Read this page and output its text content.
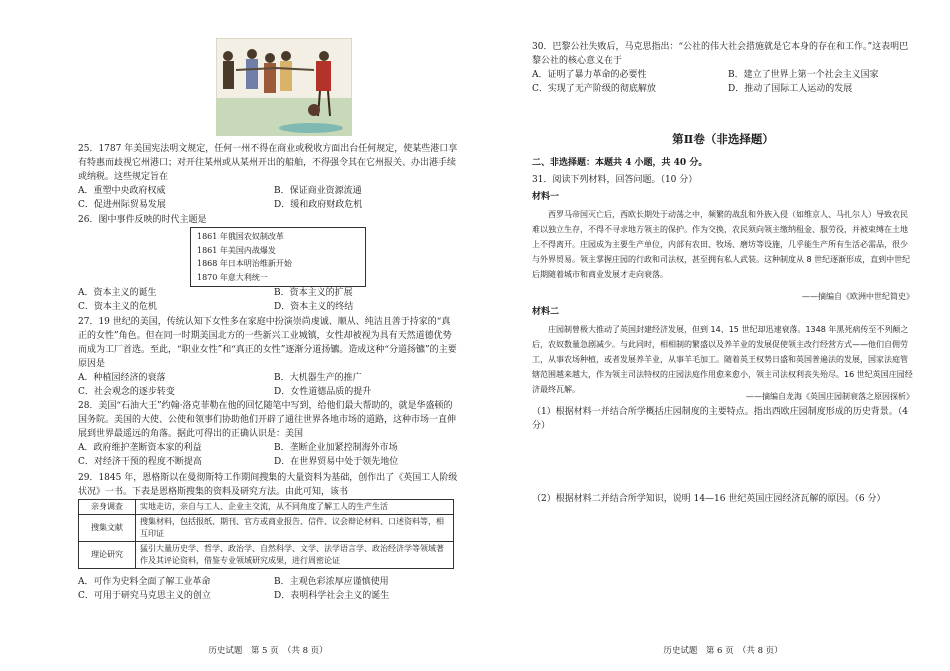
25．1787 年美国宪法明文规定，任何一州不得在商业或税收方面出台任何规定，使某些港口享有特惠而歧视它州港口；对开往某州或从某州开出的船舶，不得强令其在它州报关、办出港手续或纳税。这些规定旨在
A．重塑中央政府权威	B．保证商业资源流通
C．促进州际贸易发展	D．缓和政府财政危机
26．图中事件反映的时代主题是
1861 年俄国农奴制改革
1861 年美国内战爆发
1868 年日本明治维新开始
1870 年意大利统一
A．资本主义的诞生	B．资本主义的扩展
C．资本主义的危机	D．资本主义的终结
27．19 世纪的美国，传统认知下女性多在家庭中扮演崇尚虔诚、顺从、纯洁且善于持家的“真正的女性”角色。但在同一时期美国北方的一些新兴工业城镇，女性却被视为具有天然道德优势而成为工厂首选。至此，“职业女性”和“真正的女性”逐渐分道扬镳。造成这种“分道扬镳”的主要原因是
A．种植园经济的衰落	B．大机器生产的推广
C．社会观念的逐步转变	D．女性道德品质的提升
28．美国“石油大王”约翰·洛克菲勒在他的回忆随笔中写到，给他们最大帮助的，就是华盛顿的国务院。美国的大使、公使和领事们协助他们开辟了通往世界各地市场的道路，这种市场一直伸展到世界最遥远的角落。据此可得出的正确认识是：美国
A．政府维护垄断资本家的利益	B．垄断企业加紧控制海外市场
C．对经济干预的程度不断提高	D．在世界贸易中处于领先地位
29．1845 年，恩格斯以在曼彻斯特工作期间搜集的大量资料为基础，创作出了《英国工人阶级状况》一书。下表是恩格斯搜集的资料及研究方法。由此可知，该书
亲身调查	实地走访，亲自与工人、企业主交流，从不同角度了解工人的生产生活
搜集文献	搜集材料，包括报纸、期刊、官方或商业报告、信件、议会辩论材料、口述资料等，相互印证
理论研究	猛引大量历史学、哲学、政治学、自然科学、文学、法学语言学、政治经济学等领域著作及其评论资料，借鉴专业领域研究成果，进行周密论证
A．可作为史料全面了解工业革命	B．主观色彩浓厚应谨慎使用
C．可用于研究马克思主义的创立	D．表明科学社会主义的诞生
历史试题　第 5 页　（共 8 页）
30．巴黎公社失败后，马克思指出：“公社的伟大社会措施就是它本身的存在和工作。”这表明巴黎公社的核心意义在于
A．证明了暴力革命的必要性	B．建立了世界上第一个社会主义国家
C．实现了无产阶级的彻底解放	D．推动了国际工人运动的发展
第Ⅱ卷（非选择题）
二、非选择题：本题共 4 小题，共 40 分。
31．阅读下列材料，回答问题。（10 分）
材料一
西罗马帝国灭亡后，西欧长期处于动荡之中，频繁的战乱和外族入侵（如维京人、马扎尔人）导致农民难以独立生存，不得不寻求地方领主的保护。作为交换，农民须向领主缴纳租金、服劳役，并被束缚在土地上不得离开。庄园成为主要生产单位，内部有农田、牧场、磨坊等设施，几乎能生产所有生活必需品，很少与外界贸易。领主掌握庄园的行政和司法权，甚至拥有私人武装。这种制度从 8 世纪逐渐形成，直到中世纪后期随着城市和商业发展才走向衰落。
——摘编自《欧洲中世纪简史》
材料二
庄园制曾极大推动了英国封建经济发展，但到 14、15 世纪却迅速衰落。1348 年黑死病传至不列颠之后，农奴数量急剧减少。与此同时，相相制的繁盛以及养羊业的发展促使领主改行经营方式——他们自佣劳工，从事农场种植，或者发展养羊业，从事羊毛加工。随着英王权势日盛和英国普遍法的发展，国家法庭管辖范围越来越大，作为领主司法特权的庄园法庭作用愈来愈小，领主司法权利丧失殆尽。16 世纪英国庄园经济最终瓦解。
——摘编自龙海《英国庄园制衰落之原因探析》
（1）根据材料一并结合所学概括庄园制度的主要特点。指出西欧庄园制度形成的历史背景。（4 分）
（2）根据材料二并结合所学知识，说明 14—16 世纪英国庄园经济瓦解的原因。（6 分）
历史试题　第 6 页　（共 8 页）
